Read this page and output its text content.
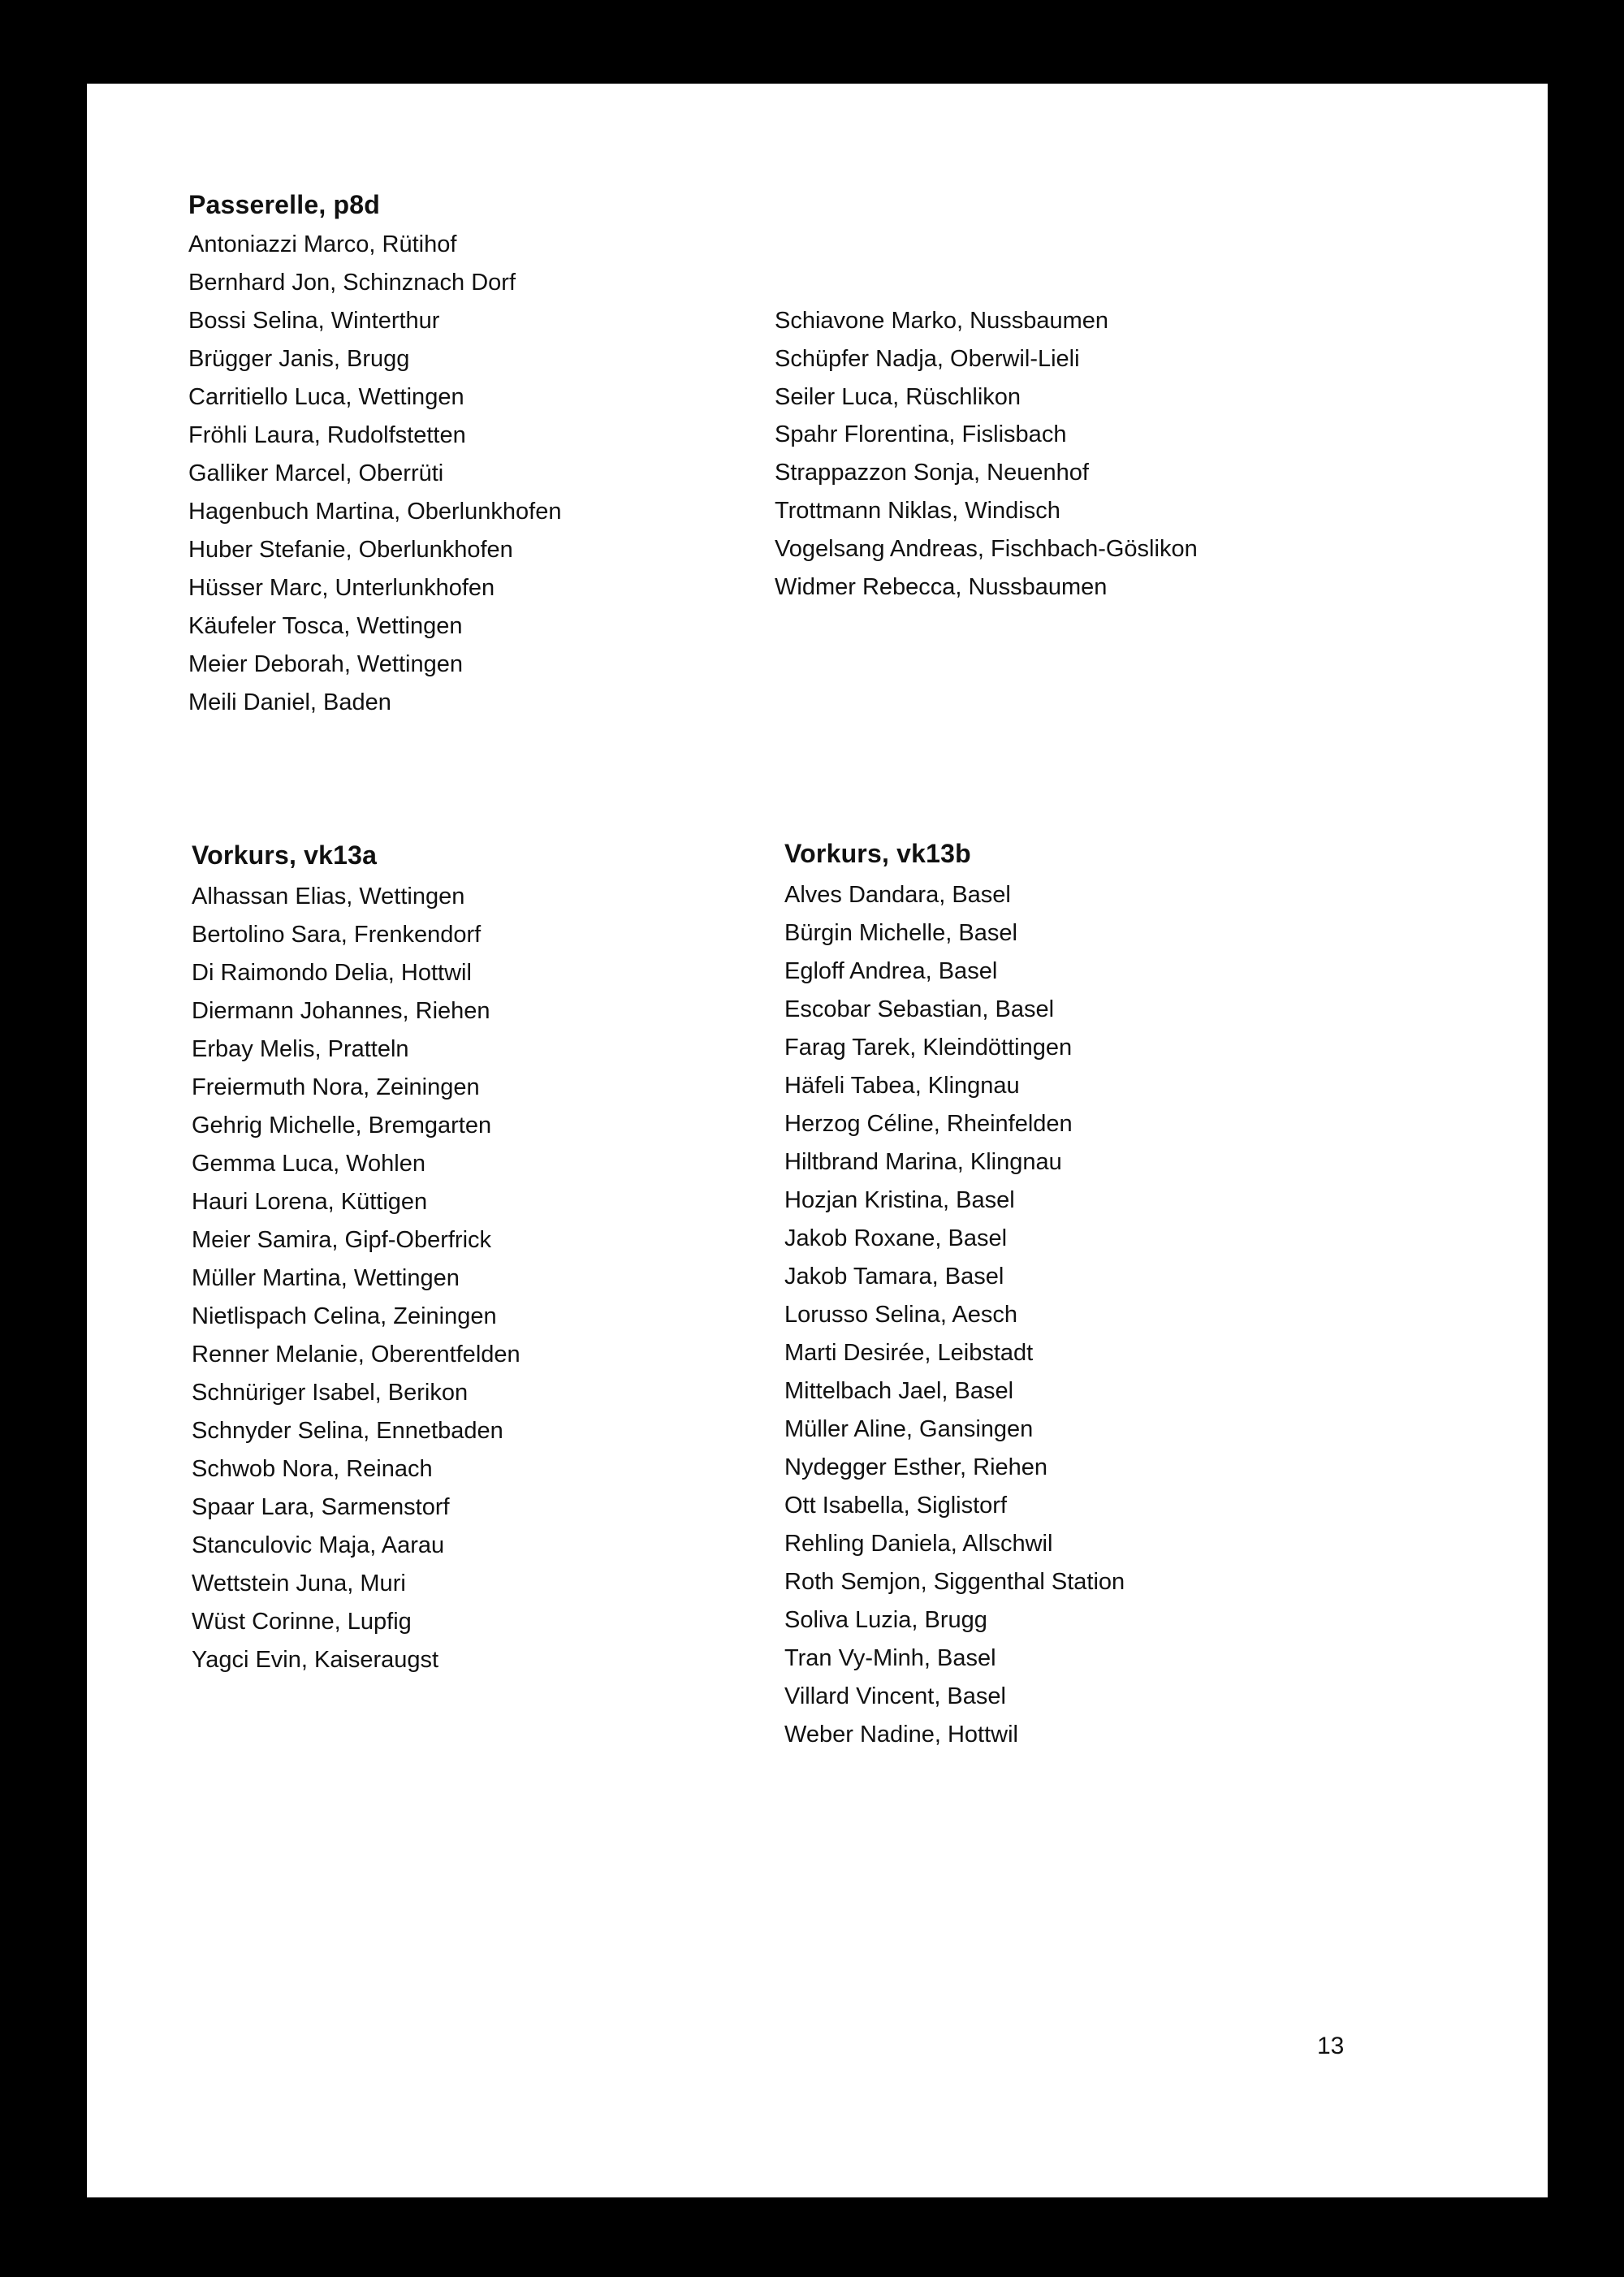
Passerelle, p8d
Antoniazzi Marco, Rütihof
Bernhard Jon, Schinznach Dorf
Bossi Selina, Winterthur
Brügger Janis, Brugg
Carritiello Luca, Wettingen
Fröhli Laura, Rudolfstetten
Galliker Marcel, Oberrüti
Hagenbuch Martina, Oberlunkhofen
Huber Stefanie, Oberlunkhofen
Hüsser Marc, Unterlunkhofen
Käufeler Tosca, Wettingen
Meier Deborah, Wettingen
Meili Daniel, Baden
Schiavone Marko, Nussbaumen
Schüpfer Nadja, Oberwil-Lieli
Seiler Luca, Rüschlikon
Spahr Florentina, Fislisbach
Strappazzon Sonja, Neuenhof
Trottmann Niklas, Windisch
Vogelsang Andreas, Fischbach-Göslikon
Widmer Rebecca, Nussbaumen
Vorkurs, vk13a
Alhassan Elias, Wettingen
Bertolino Sara, Frenkendorf
Di Raimondo Delia, Hottwil
Diermann Johannes, Riehen
Erbay Melis, Pratteln
Freiermuth Nora, Zeiningen
Gehrig Michelle, Bremgarten
Gemma Luca, Wohlen
Hauri Lorena, Küttigen
Meier Samira, Gipf-Oberfrick
Müller Martina, Wettingen
Nietlispach Celina, Zeiningen
Renner Melanie, Oberentfelden
Schnüriger Isabel, Berikon
Schnyder Selina, Ennetbaden
Schwob Nora, Reinach
Spaar Lara, Sarmenstorf
Stanculovic Maja, Aarau
Wettstein Juna, Muri
Wüst Corinne, Lupfig
Yagci Evin, Kaiseraugst
Vorkurs, vk13b
Alves Dandara, Basel
Bürgin Michelle, Basel
Egloff Andrea, Basel
Escobar Sebastian, Basel
Farag Tarek, Kleindöttingen
Häfeli Tabea, Klingnau
Herzog Céline, Rheinfelden
Hiltbrand Marina, Klingnau
Hozjan Kristina, Basel
Jakob Roxane, Basel
Jakob Tamara, Basel
Lorusso Selina, Aesch
Marti Desirée, Leibstadt
Mittelbach Jael, Basel
Müller Aline, Gansingen
Nydegger Esther, Riehen
Ott Isabella, Siglistorf
Rehling Daniela, Allschwil
Roth Semjon, Siggenthal Station
Soliva Luzia, Brugg
Tran Vy-Minh, Basel
Villard Vincent, Basel
Weber Nadine, Hottwil
13
